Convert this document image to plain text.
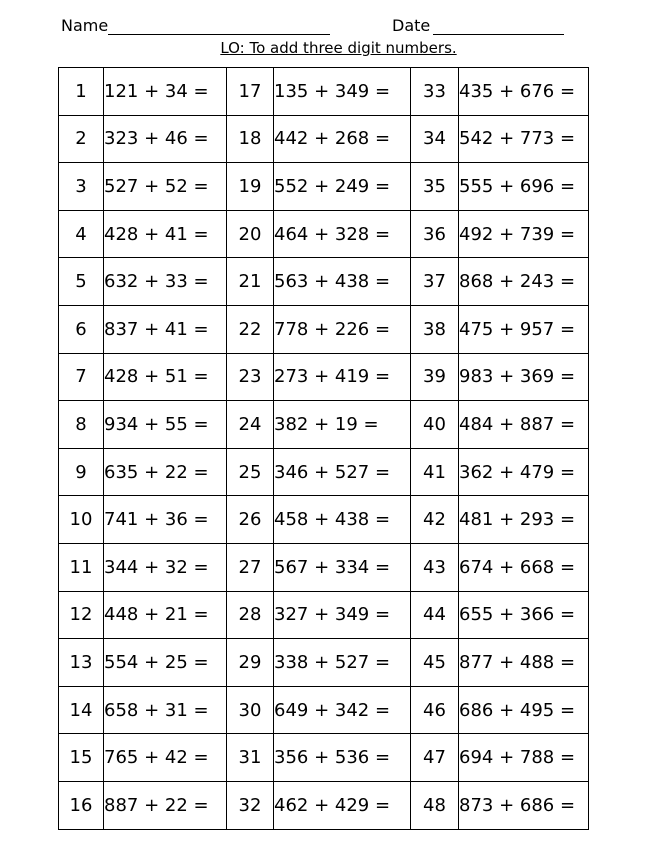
Name	Date
LO: To add three digit numbers.
1	121 + 34 =	17	135 + 349 =	33	435 + 676 =
2	323 + 46 =	18	442 + 268 =	34	542 + 773 =
3	527 + 52 =	19	552 + 249 =	35	555 + 696 =
4	428 + 41 =	20	464 + 328 =	36	492 + 739 =
5	632 + 33 =	21	563 + 438 =	37	868 + 243 =
6	837 + 41 =	22	778 + 226 =	38	475 + 957 =
7	428 + 51 =	23	273 + 419 =	39	983 + 369 =
8	934 + 55 =	24	382 + 19 =	40	484 + 887 =
9	635 + 22 =	25	346 + 527 =	41	362 + 479 =
10	741 + 36 =	26	458 + 438 =	42	481 + 293 =
11	344 + 32 =	27	567 + 334 =	43	674 + 668 =
12	448 + 21 =	28	327 + 349 =	44	655 + 366 =
13	554 + 25 =	29	338 + 527 =	45	877 + 488 =
14	658 + 31 =	30	649 + 342 =	46	686 + 495 =
15	765 + 42 =	31	356 + 536 =	47	694 + 788 =
16	887 + 22 =	32	462 + 429 =	48	873 + 686 =
